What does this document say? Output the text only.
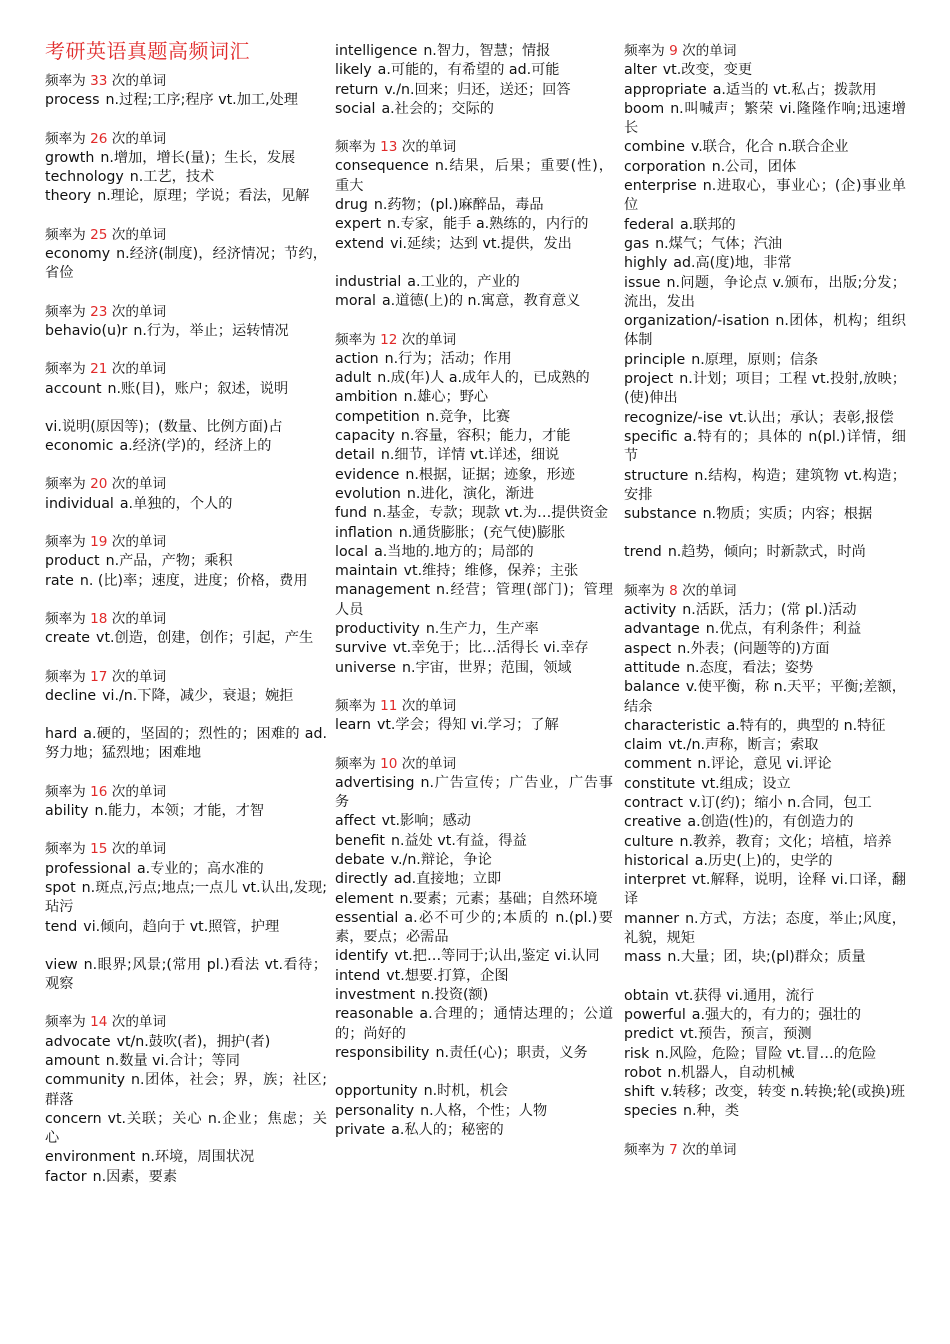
考研英语真题高频词汇
频率为 33 次的单词
process n.过程;工序;程序 vt.加工,处理
频率为 26 次的单词
growth n.增加，增长(量)；生长，发展
technology n.工艺，技术
theory n.理论，原理；学说；看法，见解
频率为 25 次的单词
economy n.经济(制度)，经济情况；节约，省俭
频率为 23 次的单词
behavio(u)r n.行为，举止；运转情况
频率为 21 次的单词
account n.账(目)，账户；叙述，说明
vi.说明(原因等)；(数量、比例方面)占
economic a.经济(学)的，经济上的
频率为 20 次的单词
individual a.单独的，个人的
频率为 19 次的单词
product n.产品，产物；乘积
rate n. (比)率；速度，进度；价格，费用
频率为 18 次的单词
create vt.创造，创建，创作；引起，产生
频率为 17 次的单词
decline vi./n.下降，减少，衰退；婉拒
hard a.硬的，坚固的；烈性的；困难的 ad.努力地；猛烈地；困难地
频率为 16 次的单词
ability n.能力，本领；才能，才智
频率为 15 次的单词
professional a.专业的；高水准的
spot n.斑点,污点;地点;一点儿 vt.认出,发现;玷污
tend vi.倾向，趋向于 vt.照管，护理
view n.眼界;风景;(常用 pl.)看法 vt.看待；观察
频率为 14 次的单词
advocate vt/n.鼓吹(者)，拥护(者)
amount n.数量 vi.合计；等同
community n.团体，社会；界，族；社区;群落
concern vt.关联；关心 n.企业；焦虑；关心
environment n.环境，周围状况
factor n.因素，要素
intelligence n.智力，智慧；情报
likely a.可能的，有希望的 ad.可能
return v./n.回来；归还，送还；回答
social a.社会的；交际的
频率为 13 次的单词
consequence n.结果，后果；重要(性)，重大
drug n.药物；(pl.)麻醉品，毒品
expert n.专家，能手 a.熟练的，内行的
extend vi.延续；达到 vt.提供，发出
industrial a.工业的，产业的
moral a.道德(上)的 n.寓意，教育意义
频率为 12 次的单词
action n.行为；活动；作用
adult n.成(年)人 a.成年人的，已成熟的
ambition n.雄心；野心
competition n.竞争，比赛
capacity n.容量，容积；能力，才能
detail n.细节，详情 vt.详述，细说
evidence n.根据，证据；迹象，形迹
evolution n.进化，演化，渐进
fund n.基金，专款；现款 vt.为…提供资金
inflation n.通货膨胀；(充气使)膨胀
local a.当地的.地方的；局部的
maintain vt.维持；维修，保养；主张
management n.经营；管理(部门)；管理人员
productivity n.生产力，生产率
survive vt.幸免于；比…活得长 vi.幸存
universe n.宇宙，世界；范围，领域
频率为 11 次的单词
learn vt.学会；得知 vi.学习；了解
频率为 10 次的单词
advertising n.广告宣传；广告业，广告事务
affect vt.影响；感动
benefit n.益处 vt.有益，得益
debate v./n.辩论，争论
directly ad.直接地；立即
element n.要素；元素；基础；自然环境
essential a.必不可少的;本质的 n.(pl.)要素，要点；必需品
identify vt.把…等同于;认出,鉴定 vi.认同
intend vt.想要.打算，企图
investment n.投资(额)
reasonable a.合理的；通情达理的；公道的；尚好的
responsibility n.责任(心)；职责，义务
opportunity n.时机，机会
personality n.人格，个性；人物
private a.私人的；秘密的
频率为 9 次的单词
alter vt.改变，变更
appropriate a.适当的 vt.私占；拨款用
boom n.叫喊声；繁荣 vi.隆隆作响;迅速增长
combine v.联合，化合 n.联合企业
corporation n.公司，团体
enterprise n.进取心，事业心；(企)事业单位
federal a.联邦的
gas n.煤气；气体；汽油
highly ad.高(度)地，非常
issue n.问题，争论点 v.颁布，出版;分发；流出，发出
organization/-isation n.团体，机构；组织体制
principle n.原理，原则；信条
project n.计划；项目；工程 vt.投射,放映；(使)伸出
recognize/-ise vt.认出；承认；表彰,报偿
specific a.特有的；具体的 n(pl.)详情，细节
structure n.结构，构造；建筑物 vt.构造；安排
substance n.物质；实质；内容；根据
trend n.趋势，倾向；时新款式，时尚
频率为 8 次的单词
activity n.活跃，活力；(常 pl.)活动
advantage n.优点，有利条件；利益
aspect n.外表；(问题等的)方面
attitude n.态度，看法；姿势
balance v.使平衡，称 n.天平；平衡;差额，结余
characteristic a.特有的，典型的 n.特征
claim vt./n.声称，断言；索取
comment n.评论，意见 vi.评论
constitute vt.组成；设立
contract v.订(约)；缩小 n.合同，包工
creative a.创造(性)的，有创造力的
culture n.教养，教育；文化；培植，培养
historical a.历史(上)的，史学的
interpret vt.解释，说明，诠释 vi.口译，翻译
manner n.方式，方法；态度，举止;风度，礼貌，规矩
mass n.大量；团，块;(pl)群众；质量
obtain vt.获得 vi.通用，流行
powerful a.强大的，有力的；强壮的
predict vt.预告，预言，预测
risk n.风险，危险；冒险 vt.冒…的危险
robot n.机器人，自动机械
shift v.转移；改变，转变 n.转换;轮(或换)班
species n.种，类
频率为 7 次的单词
